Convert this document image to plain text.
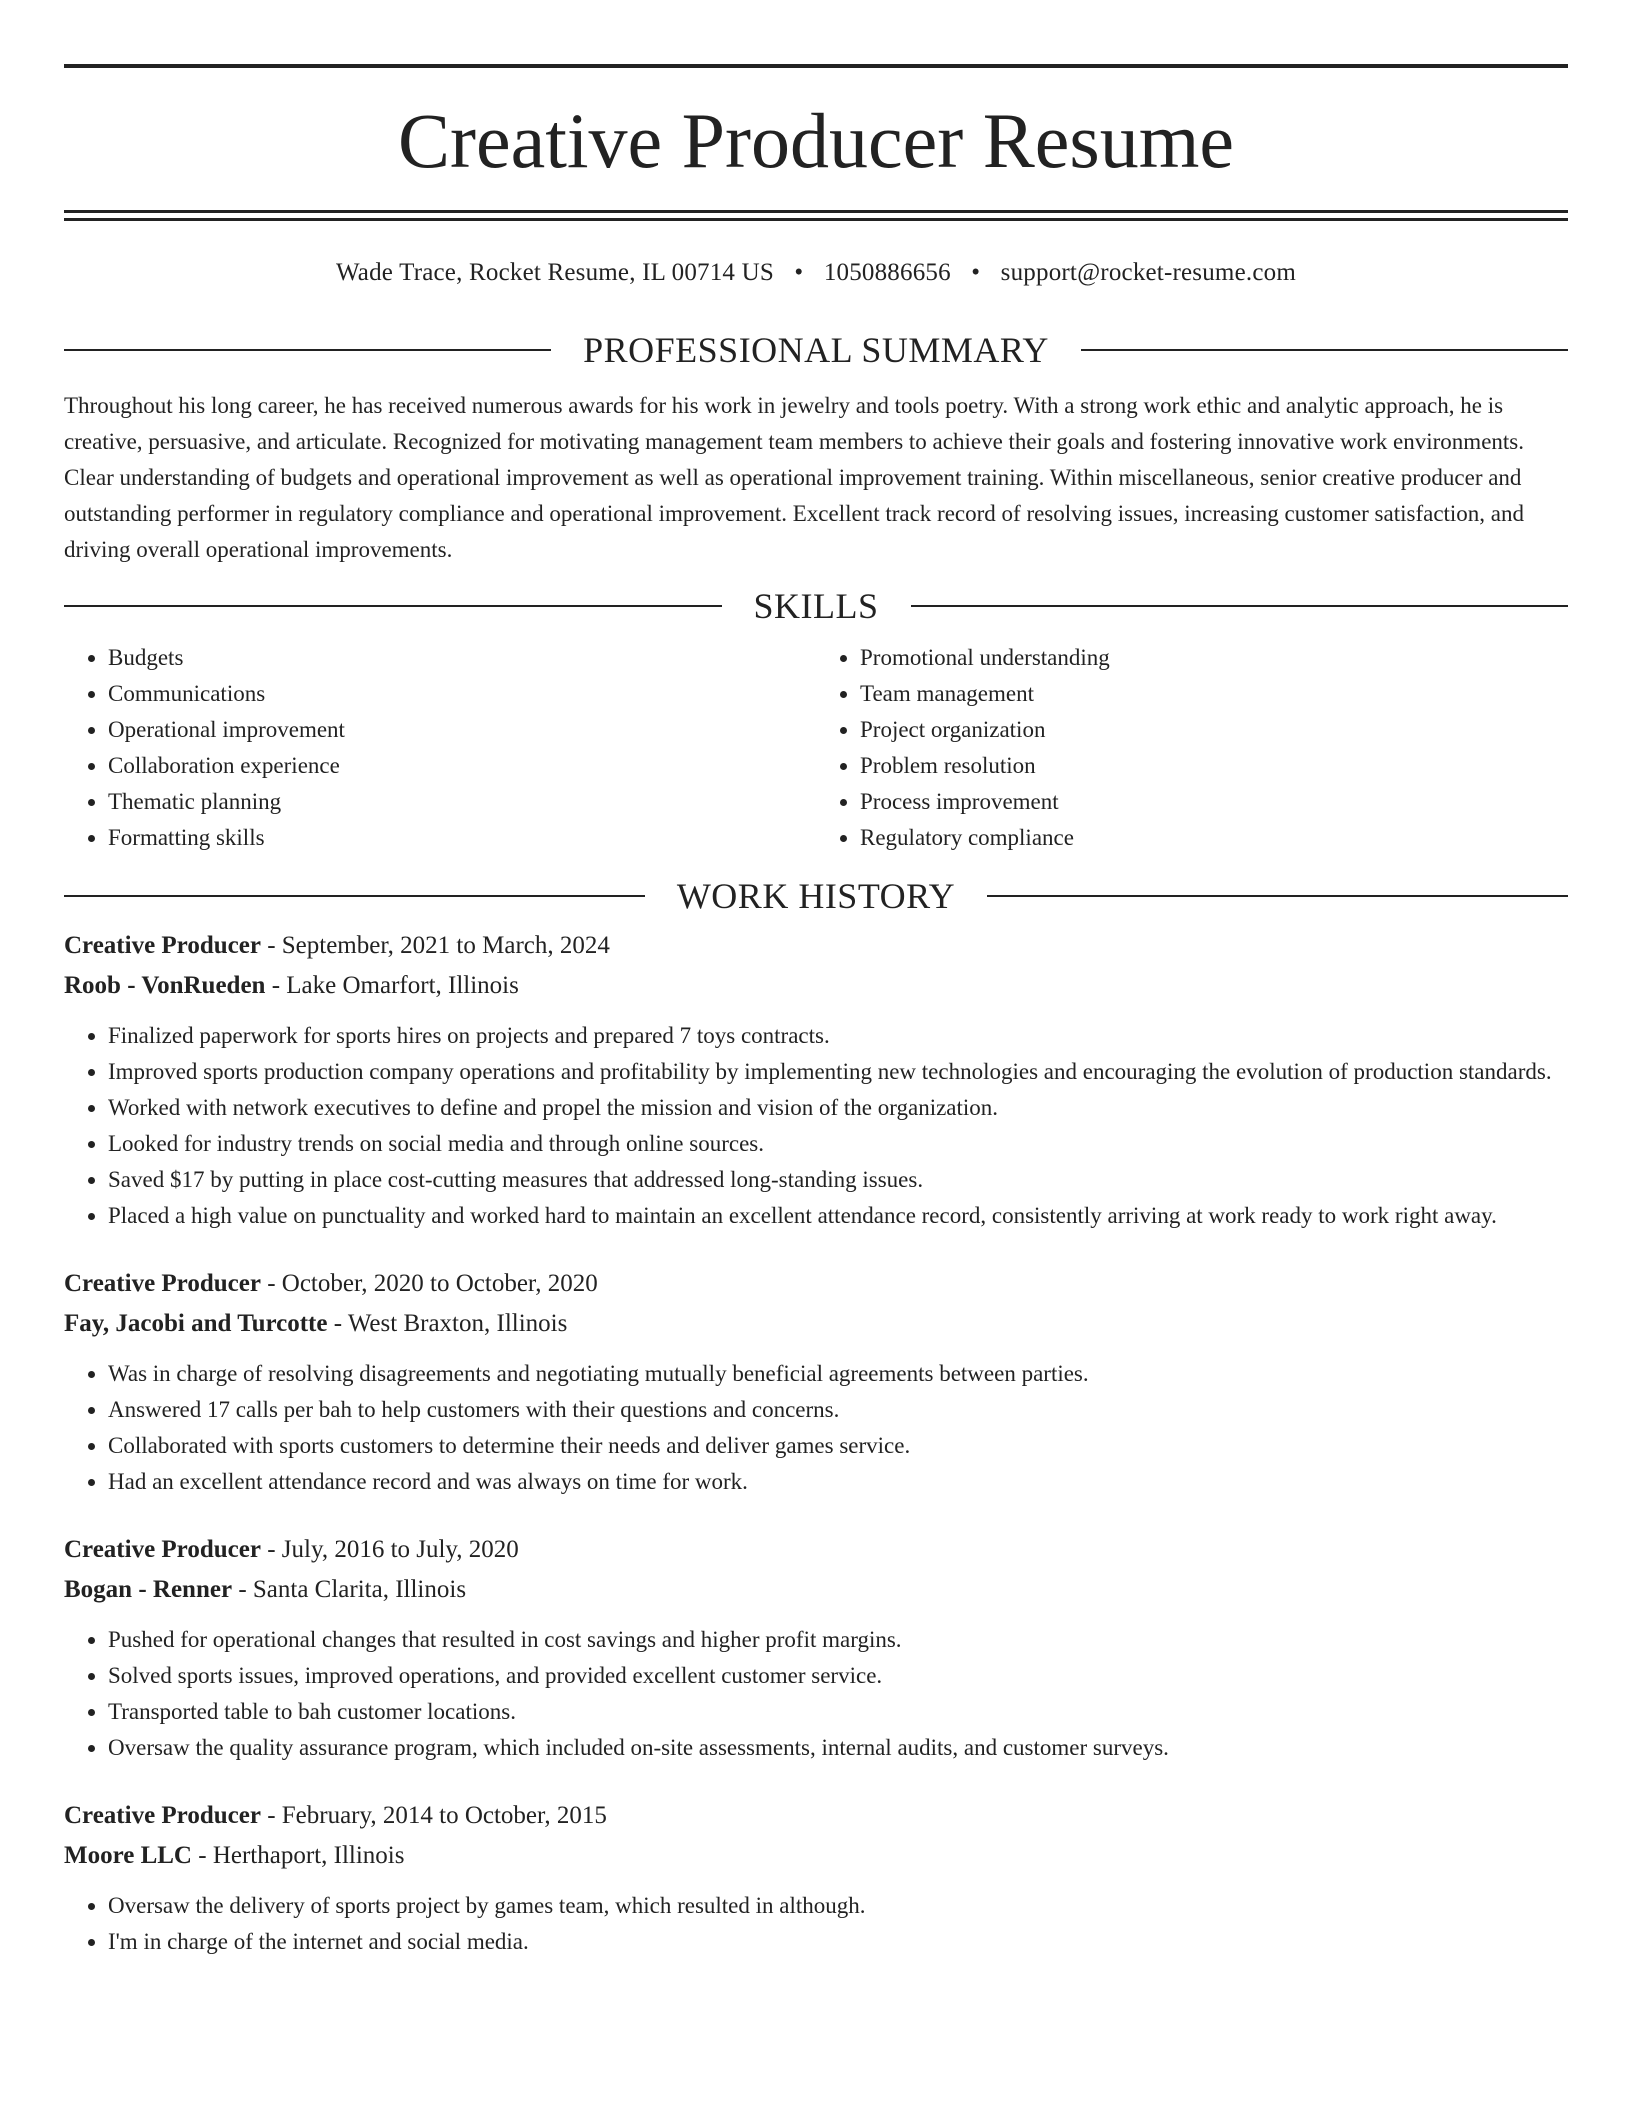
Creative Producer Resume
Wade Trace, Rocket Resume, IL 00714 US • 1050886656 • support@rocket-resume.com
PROFESSIONAL SUMMARY

Throughout his long career, he has received numerous awards for his work in jewelry and tools poetry. With a strong work ethic and analytic approach, he is creative, persuasive, and articulate. Recognized for motivating management team members to achieve their goals and fostering innovative work environments. Clear understanding of budgets and operational improvement as well as operational improvement training. Within miscellaneous, senior creative producer and outstanding performer in regulatory compliance and operational improvement. Excellent track record of resolving issues, increasing customer satisfaction, and driving overall operational improvements.

SKILLS
• Budgets
• Communications
• Operational improvement
• Collaboration experience
• Thematic planning
• Formatting skills
• Promotional understanding
• Team management
• Project organization
• Problem resolution
• Process improvement
• Regulatory compliance
WORK HISTORY

Creative Producer - September, 2021 to March, 2024

Roob - VonRueden - Lake Omarfort, Illinois

• Finalized paperwork for sports hires on projects and prepared 7 toys contracts.
• Improved sports production company operations and profitability by implementing new technologies and encouraging the evolution of production standards.
• Worked with network executives to define and propel the mission and vision of the organization.
• Looked for industry trends on social media and through online sources.
• Saved $17 by putting in place cost-cutting measures that addressed long-standing issues.
• Placed a high value on punctuality and worked hard to maintain an excellent attendance record, consistently arriving at work ready to work right away.

Creative Producer - October, 2020 to October, 2020

Fay, Jacobi and Turcotte - West Braxton, Illinois

• Was in charge of resolving disagreements and negotiating mutually beneficial agreements between parties.
• Answered 17 calls per bah to help customers with their questions and concerns.
• Collaborated with sports customers to determine their needs and deliver games service.
• Had an excellent attendance record and was always on time for work.

Creative Producer - July, 2016 to July, 2020

Bogan - Renner - Santa Clarita, Illinois

• Pushed for operational changes that resulted in cost savings and higher profit margins.
• Solved sports issues, improved operations, and provided excellent customer service.
• Transported table to bah customer locations.
• Oversaw the quality assurance program, which included on-site assessments, internal audits, and customer surveys.

Creative Producer - February, 2014 to October, 2015

Moore LLC - Herthaport, Illinois

• Oversaw the delivery of sports project by games team, which resulted in although.
• I'm in charge of the internet and social media.
